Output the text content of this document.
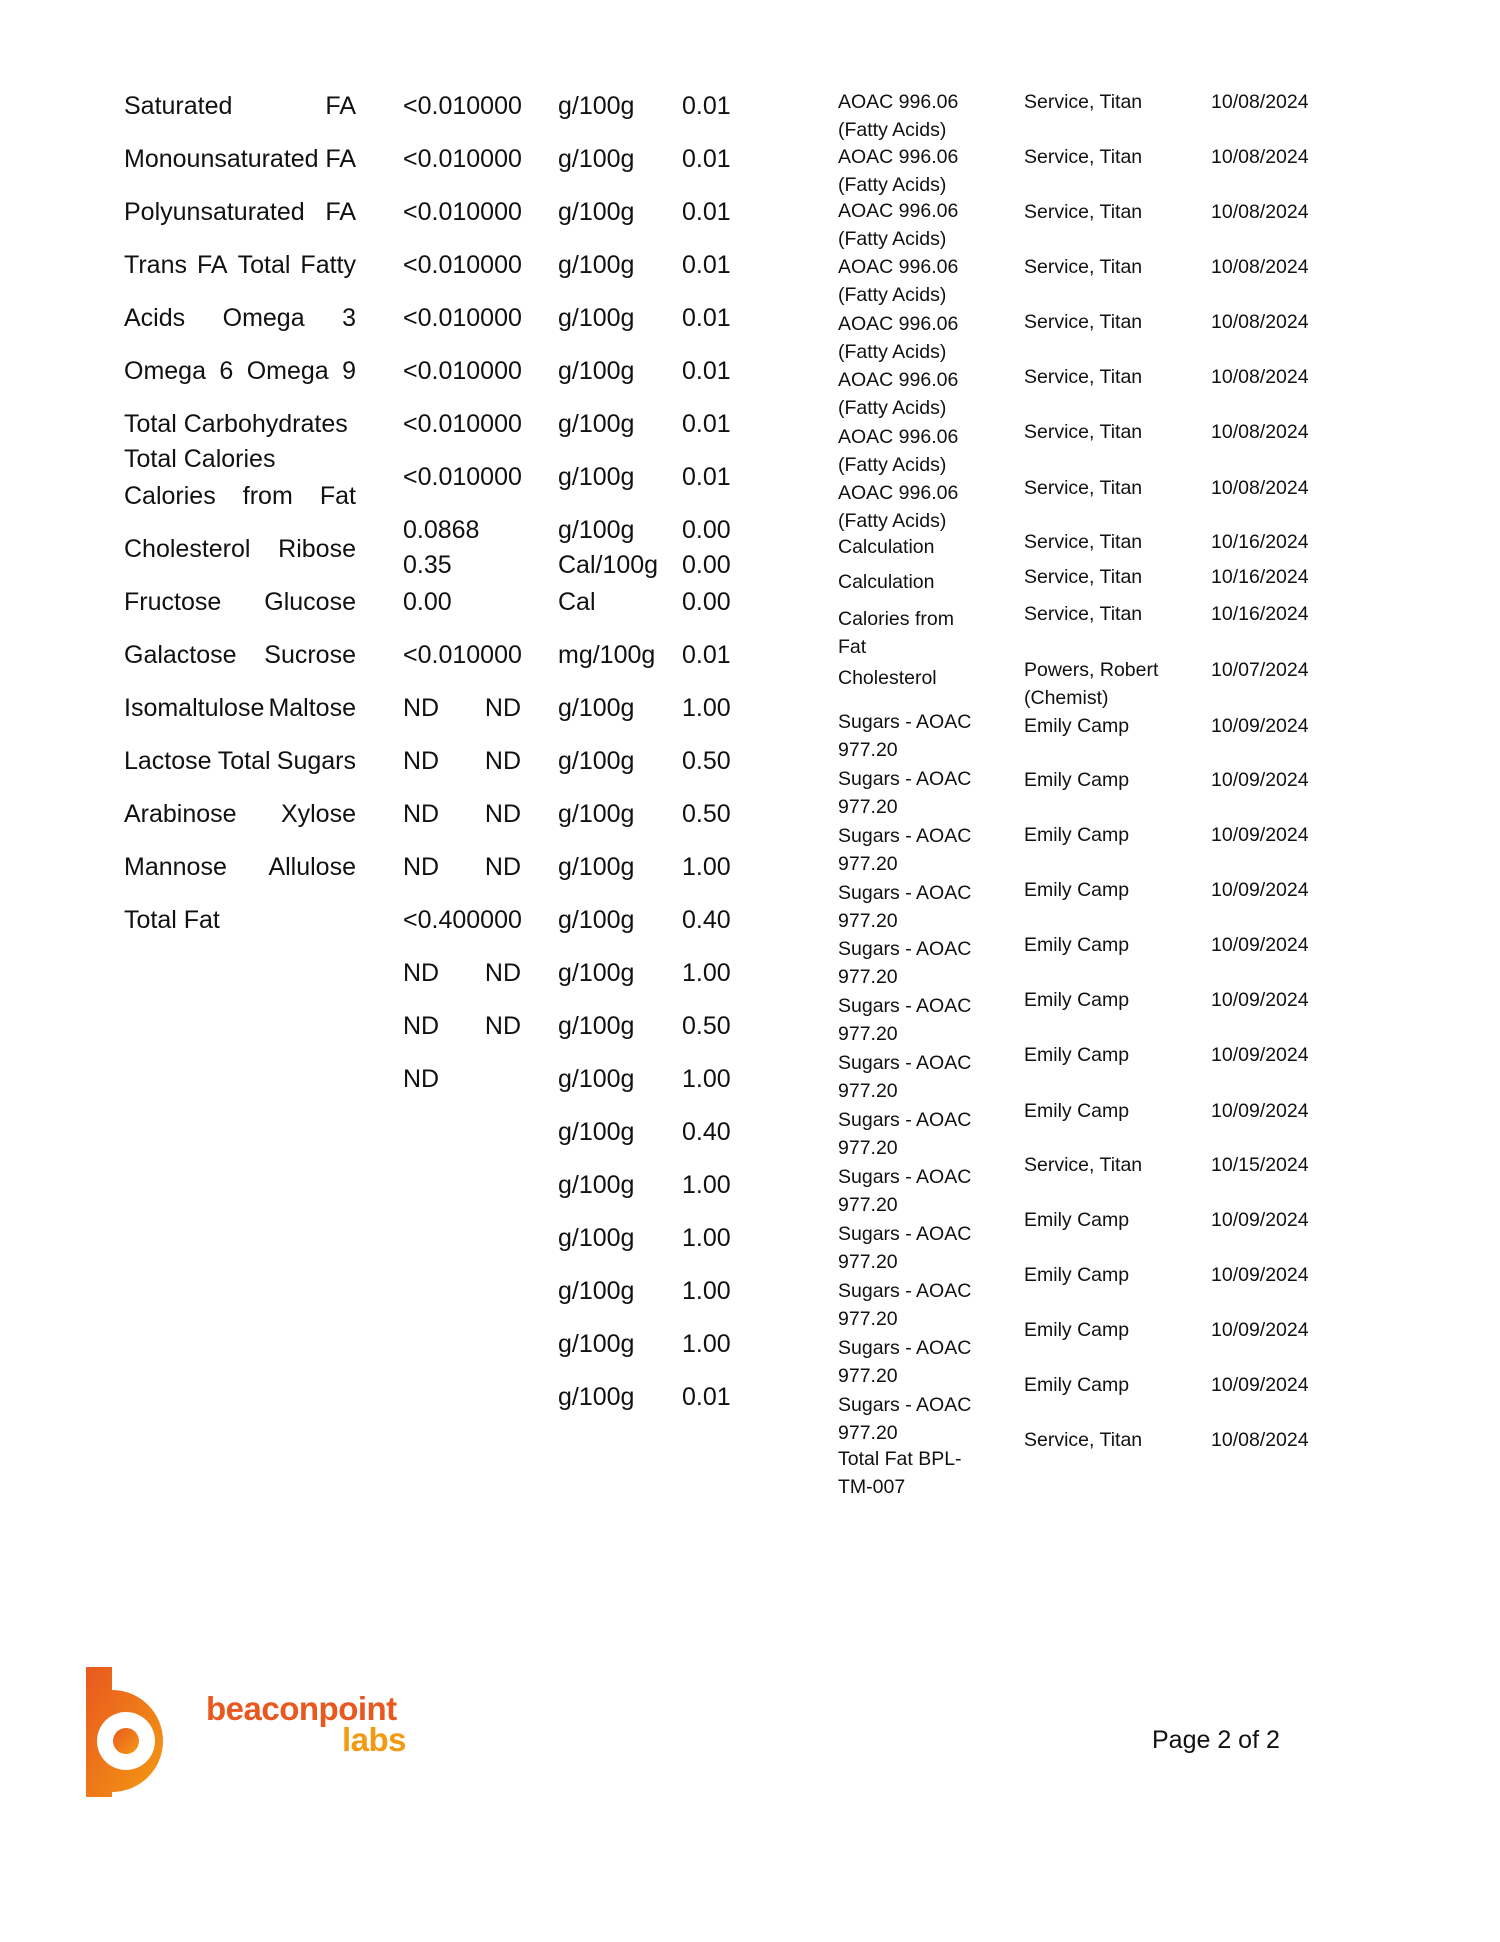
Saturated	FA
Monounsaturated FA
Polyunsaturated FA
Trans FA Total Fatty
Acids Omega 3
Omega 6 Omega 9
Total Carbohydrates
Total Calories
Calories from Fat
Cholesterol Ribose
Fructose Glucose
Galactose Sucrose
Isomaltulose Maltose
Lactose Total Sugars
Arabinose Xylose
Mannose Allulose
Total Fat
<0.010000
<0.010000
<0.010000
<0.010000
<0.010000
<0.010000
<0.010000
<0.010000
0.0868
0.35
0.00
<0.010000
ND ND
ND ND
ND ND
ND ND
<0.400000
ND ND
ND ND
ND
g/100g
g/100g
g/100g
g/100g
g/100g
g/100g
g/100g
g/100g
g/100g
Cal/100g
Cal
mg/100g
g/100g
g/100g
g/100g
g/100g
g/100g
g/100g
g/100g
g/100g
g/100g
g/100g
g/100g
g/100g
g/100g
g/100g
0.01
0.01
0.01
0.01
0.01
0.01
0.01
0.01
0.00
0.00
0.00
0.01
1.00
0.50
0.50
1.00
0.40
1.00
0.50
1.00
0.40
1.00
1.00
1.00
1.00
0.01
AOAC 996.06
(Fatty Acids)
AOAC 996.06
(Fatty Acids)
AOAC 996.06
(Fatty Acids)
AOAC 996.06
(Fatty Acids)
AOAC 996.06
(Fatty Acids)
AOAC 996.06
(Fatty Acids)
AOAC 996.06
(Fatty Acids)
AOAC 996.06
(Fatty Acids)
Calculation
Calculation
Calories from
Fat
Cholesterol
Sugars - AOAC
977.20
Sugars - AOAC
977.20
Sugars - AOAC
977.20
Sugars - AOAC
977.20
Sugars - AOAC
977.20
Sugars - AOAC
977.20
Sugars - AOAC
977.20
Sugars - AOAC
977.20
Sugars - AOAC
977.20
Sugars - AOAC
977.20
Sugars - AOAC
977.20
Sugars - AOAC
977.20
Sugars - AOAC
977.20
Total Fat BPL-
TM-007
Service, Titan
Service, Titan
Service, Titan
Service, Titan
Service, Titan
Service, Titan
Service, Titan
Service, Titan
Service, Titan
Service, Titan
Service, Titan
Powers, Robert
(Chemist)
Emily Camp
Emily Camp
Emily Camp
Emily Camp
Emily Camp
Emily Camp
Emily Camp
Emily Camp
Service, Titan
Emily Camp
Emily Camp
Emily Camp
Emily Camp
Service, Titan
10/08/2024
10/08/2024
10/08/2024
10/08/2024
10/08/2024
10/08/2024
10/08/2024
10/08/2024
10/16/2024
10/16/2024
10/16/2024
10/07/2024
10/09/2024
10/09/2024
10/09/2024
10/09/2024
10/09/2024
10/09/2024
10/09/2024
10/09/2024
10/15/2024
10/09/2024
10/09/2024
10/09/2024
10/09/2024
10/08/2024
beaconpoint
labs	Page 2 of 2
